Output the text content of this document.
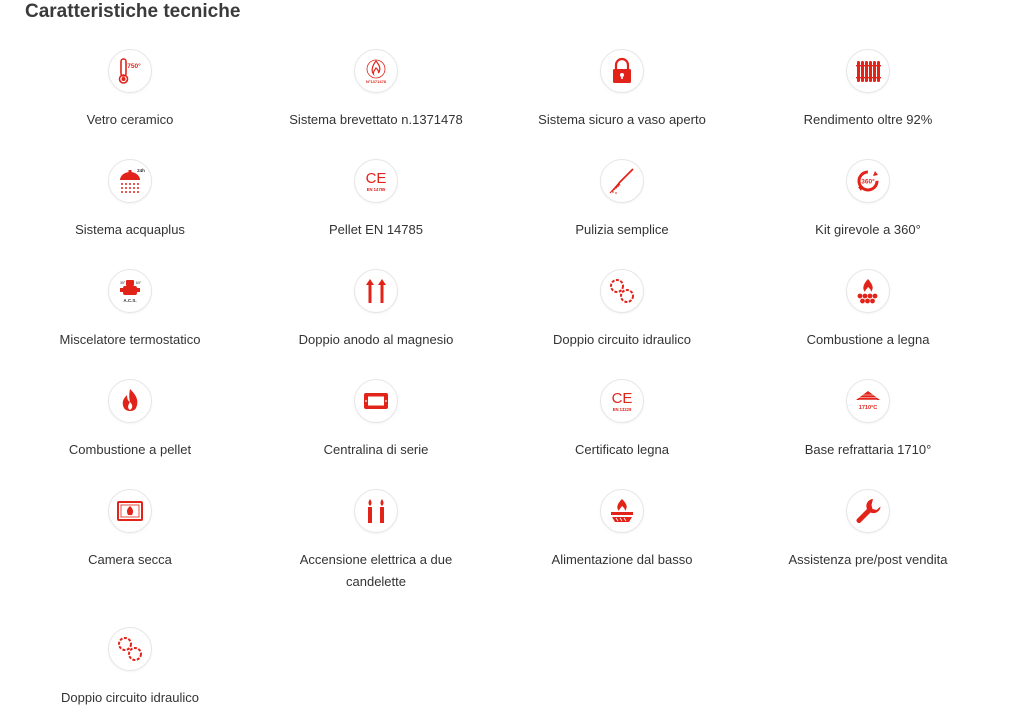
Caratteristiche tecniche
750°
Vetro ceramico
N°1371478
Sistema brevettato n.1371478	Sistema sicuro a vaso aperto	Rendimento oltre 92%
24h
Sistema acquaplus
CE
EN 14785
Pellet EN 14785	Pulizia semplice
360°
Kit girevole a 360°
35°	60°
A.C.S.
Miscelatore termostatico	Doppio anodo al magnesio	Doppio circuito idraulico	Combustione a legna
Combustione a pellet	Centralina di serie
CE
EN 13229
Certificato legna
1710°C
Base refrattaria 1710°
Camera secca	Accensione elettrica a due candelette
Alimentazione dal basso	Assistenza pre/post vendita
Doppio circuito idraulico
